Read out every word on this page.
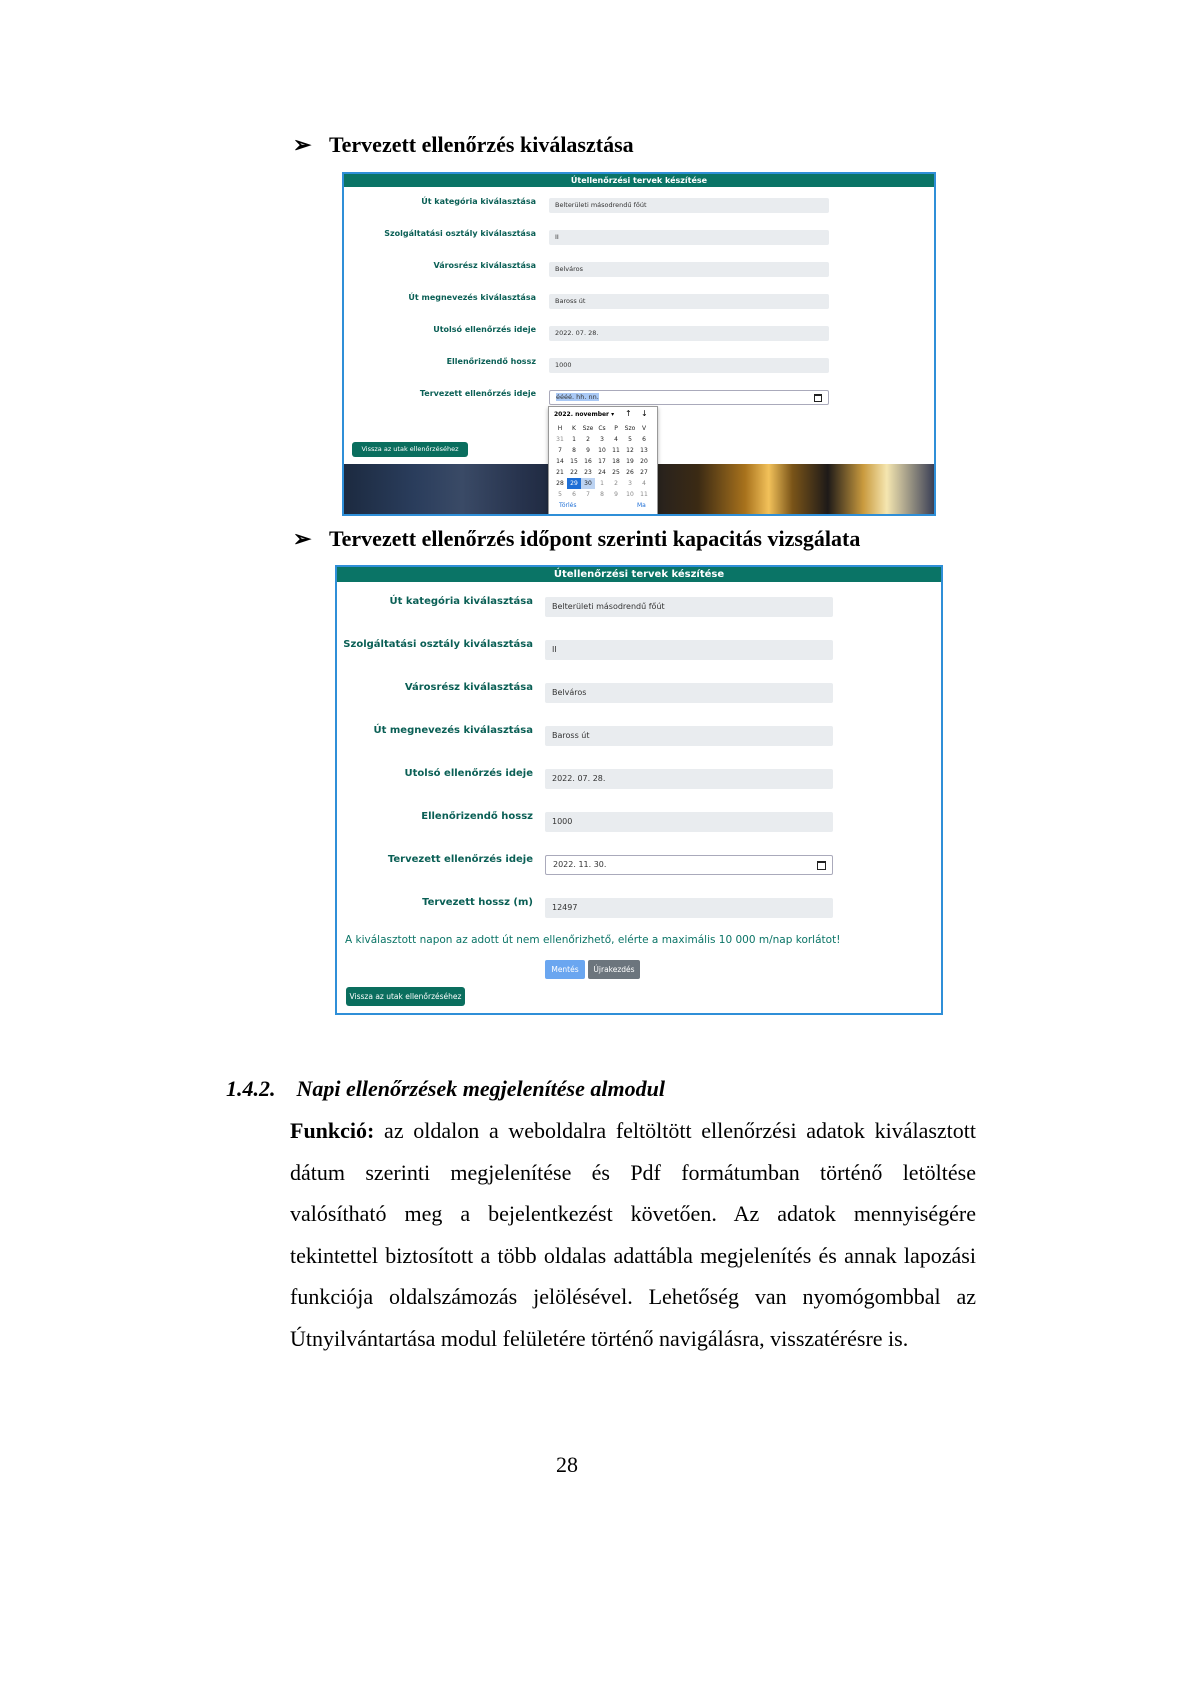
➢ Tervezett ellenőrzés kiválasztása
Útellenőrzési tervek készítése
Út kategória kiválasztása	Belterületi másodrendű főút
Szolgáltatási osztály kiválasztása	II
Városrész kiválasztása	Belváros
Út megnevezés kiválasztása	Baross út
Utolsó ellenőrzés ideje	2022. 07. 28.
Ellenőrizendő hossz	1000
Tervezett ellenőrzés ideje	éééé. hh. nn.
Vissza az utak ellenőrzéséhez
2022. november ▾ ↑ ↓
H	K	Sze Cs	P	Szo	V
31	1	2	3	4	5	6
7	8	9	10	11	12	13
14	15	16	17	18	19	20
21	22	23	24	25	26	27
28	29	30	1	2	3	4
5	6	7	8	9	10	11
Törlés	Ma
➢ Tervezett ellenőrzés időpont szerinti kapacitás vizsgálata
Útellenőrzési tervek készítése
Út kategória kiválasztása	Belterületi másodrendű főút
Szolgáltatási osztály kiválasztása	II
Városrész kiválasztása	Belváros
Út megnevezés kiválasztása	Baross út
Utolsó ellenőrzés ideje	2022. 07. 28.
Ellenőrizendő hossz	1000
Tervezett ellenőrzés ideje	2022. 11. 30.
Tervezett hossz (m)	12497
A kiválasztott napon az adott út nem ellenőrizhető, elérte a maximális 10 000 m/nap korlátot!
Mentés	Újrakezdés
Vissza az utak ellenőrzéséhez
1.4.2. Napi ellenőrzések megjelenítése almodul
Funkció: az oldalon a weboldalra feltöltött ellenőrzési adatok kiválasztott
dátum szerinti megjelenítése és Pdf formátumban történő letöltése
valósítható meg a bejelentkezést követően. Az adatok mennyiségére
tekintettel biztosított a több oldalas adattábla megjelenítés és annak lapozási
funkciója oldalszámozás jelölésével. Lehetőség van nyomógombbal az
Útnyilvántartása modul felületére történő navigálásra, visszatérésre is.
28
